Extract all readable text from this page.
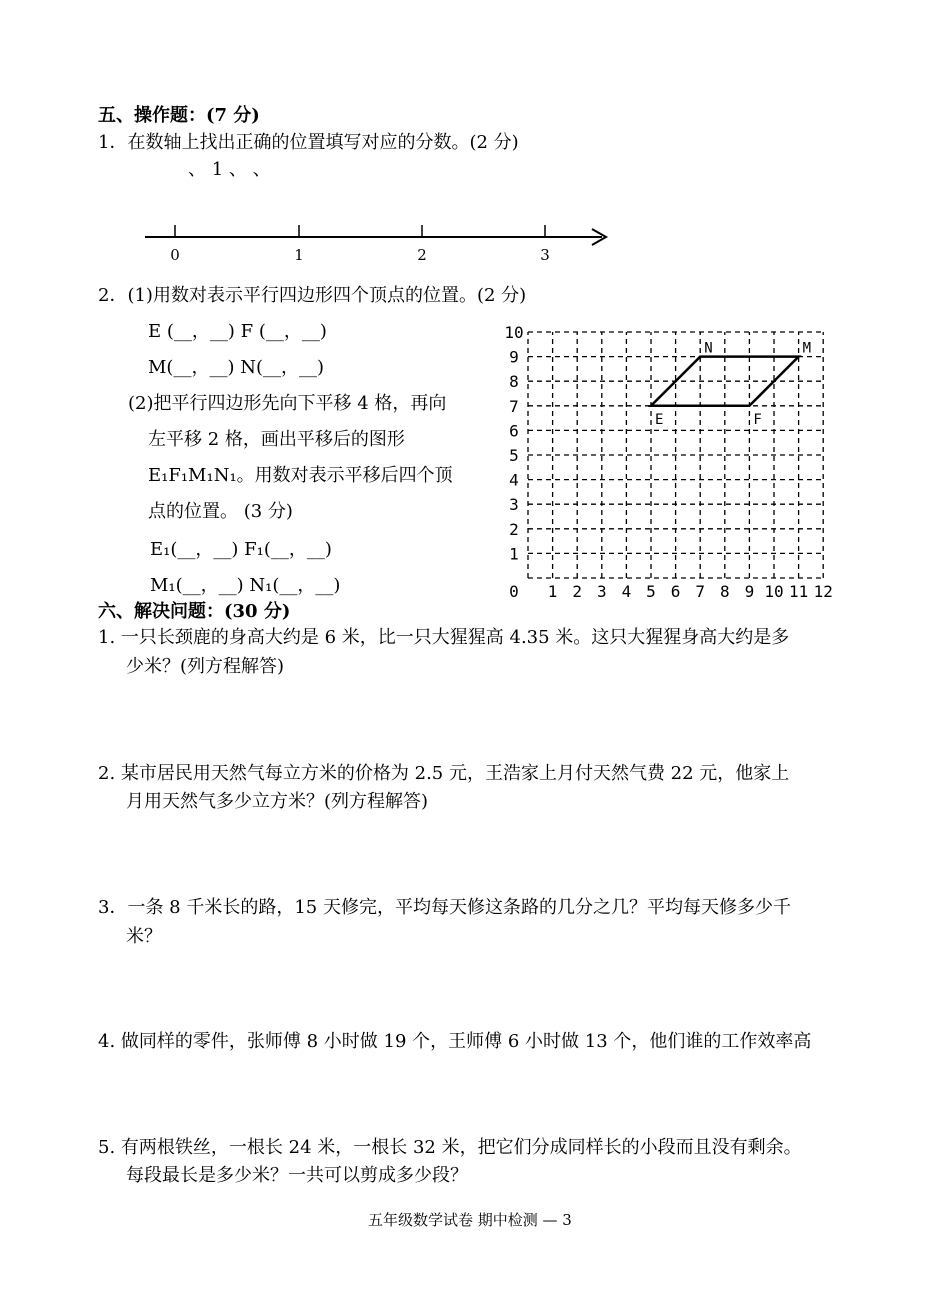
五、操作题：(7 分)
1．在数轴上找出正确的位置填写对应的分数。(2 分)
、 1 、 、
0	1	2	3
2．(1)用数对表示平行四边形四个顶点的位置。(2 分)
E (__，__) F (__，__)
M(__，__) N(__，__)
(2)把平行四边形先向下平移 4 格，再向
左平移 2 格，画出平移后的图形
E₁F₁M₁N₁。用数对表示平移后四个顶
点的位置。 (3 分)
E₁(__，__) F₁(__，__)
M₁(__，__) N₁(__，__)	0 1 2 3 4 5 6 7 8 9 10 11 12
1
2
3
4
5
6
7
8
9
10
E	F
M
N
六、解决问题：(30 分)
1. 一只长颈鹿的身高大约是 6 米，比一只大猩猩高 4.35 米。这只大猩猩身高大约是多
少米？(列方程解答)
2. 某市居民用天然气每立方米的价格为 2.5 元，王浩家上月付天然气费 22 元，他家上
月用天然气多少立方米？(列方程解答)
3．一条 8 千米长的路，15 天修完，平均每天修这条路的几分之几？平均每天修多少千
米？
4. 做同样的零件，张师傅 8 小时做 19 个，王师傅 6 小时做 13 个，他们谁的工作效率高
5. 有两根铁丝，一根长 24 米，一根长 32 米，把它们分成同样长的小段而且没有剩余。
每段最长是多少米？一共可以剪成多少段？
五年级数学试卷 期中检测 — 3
